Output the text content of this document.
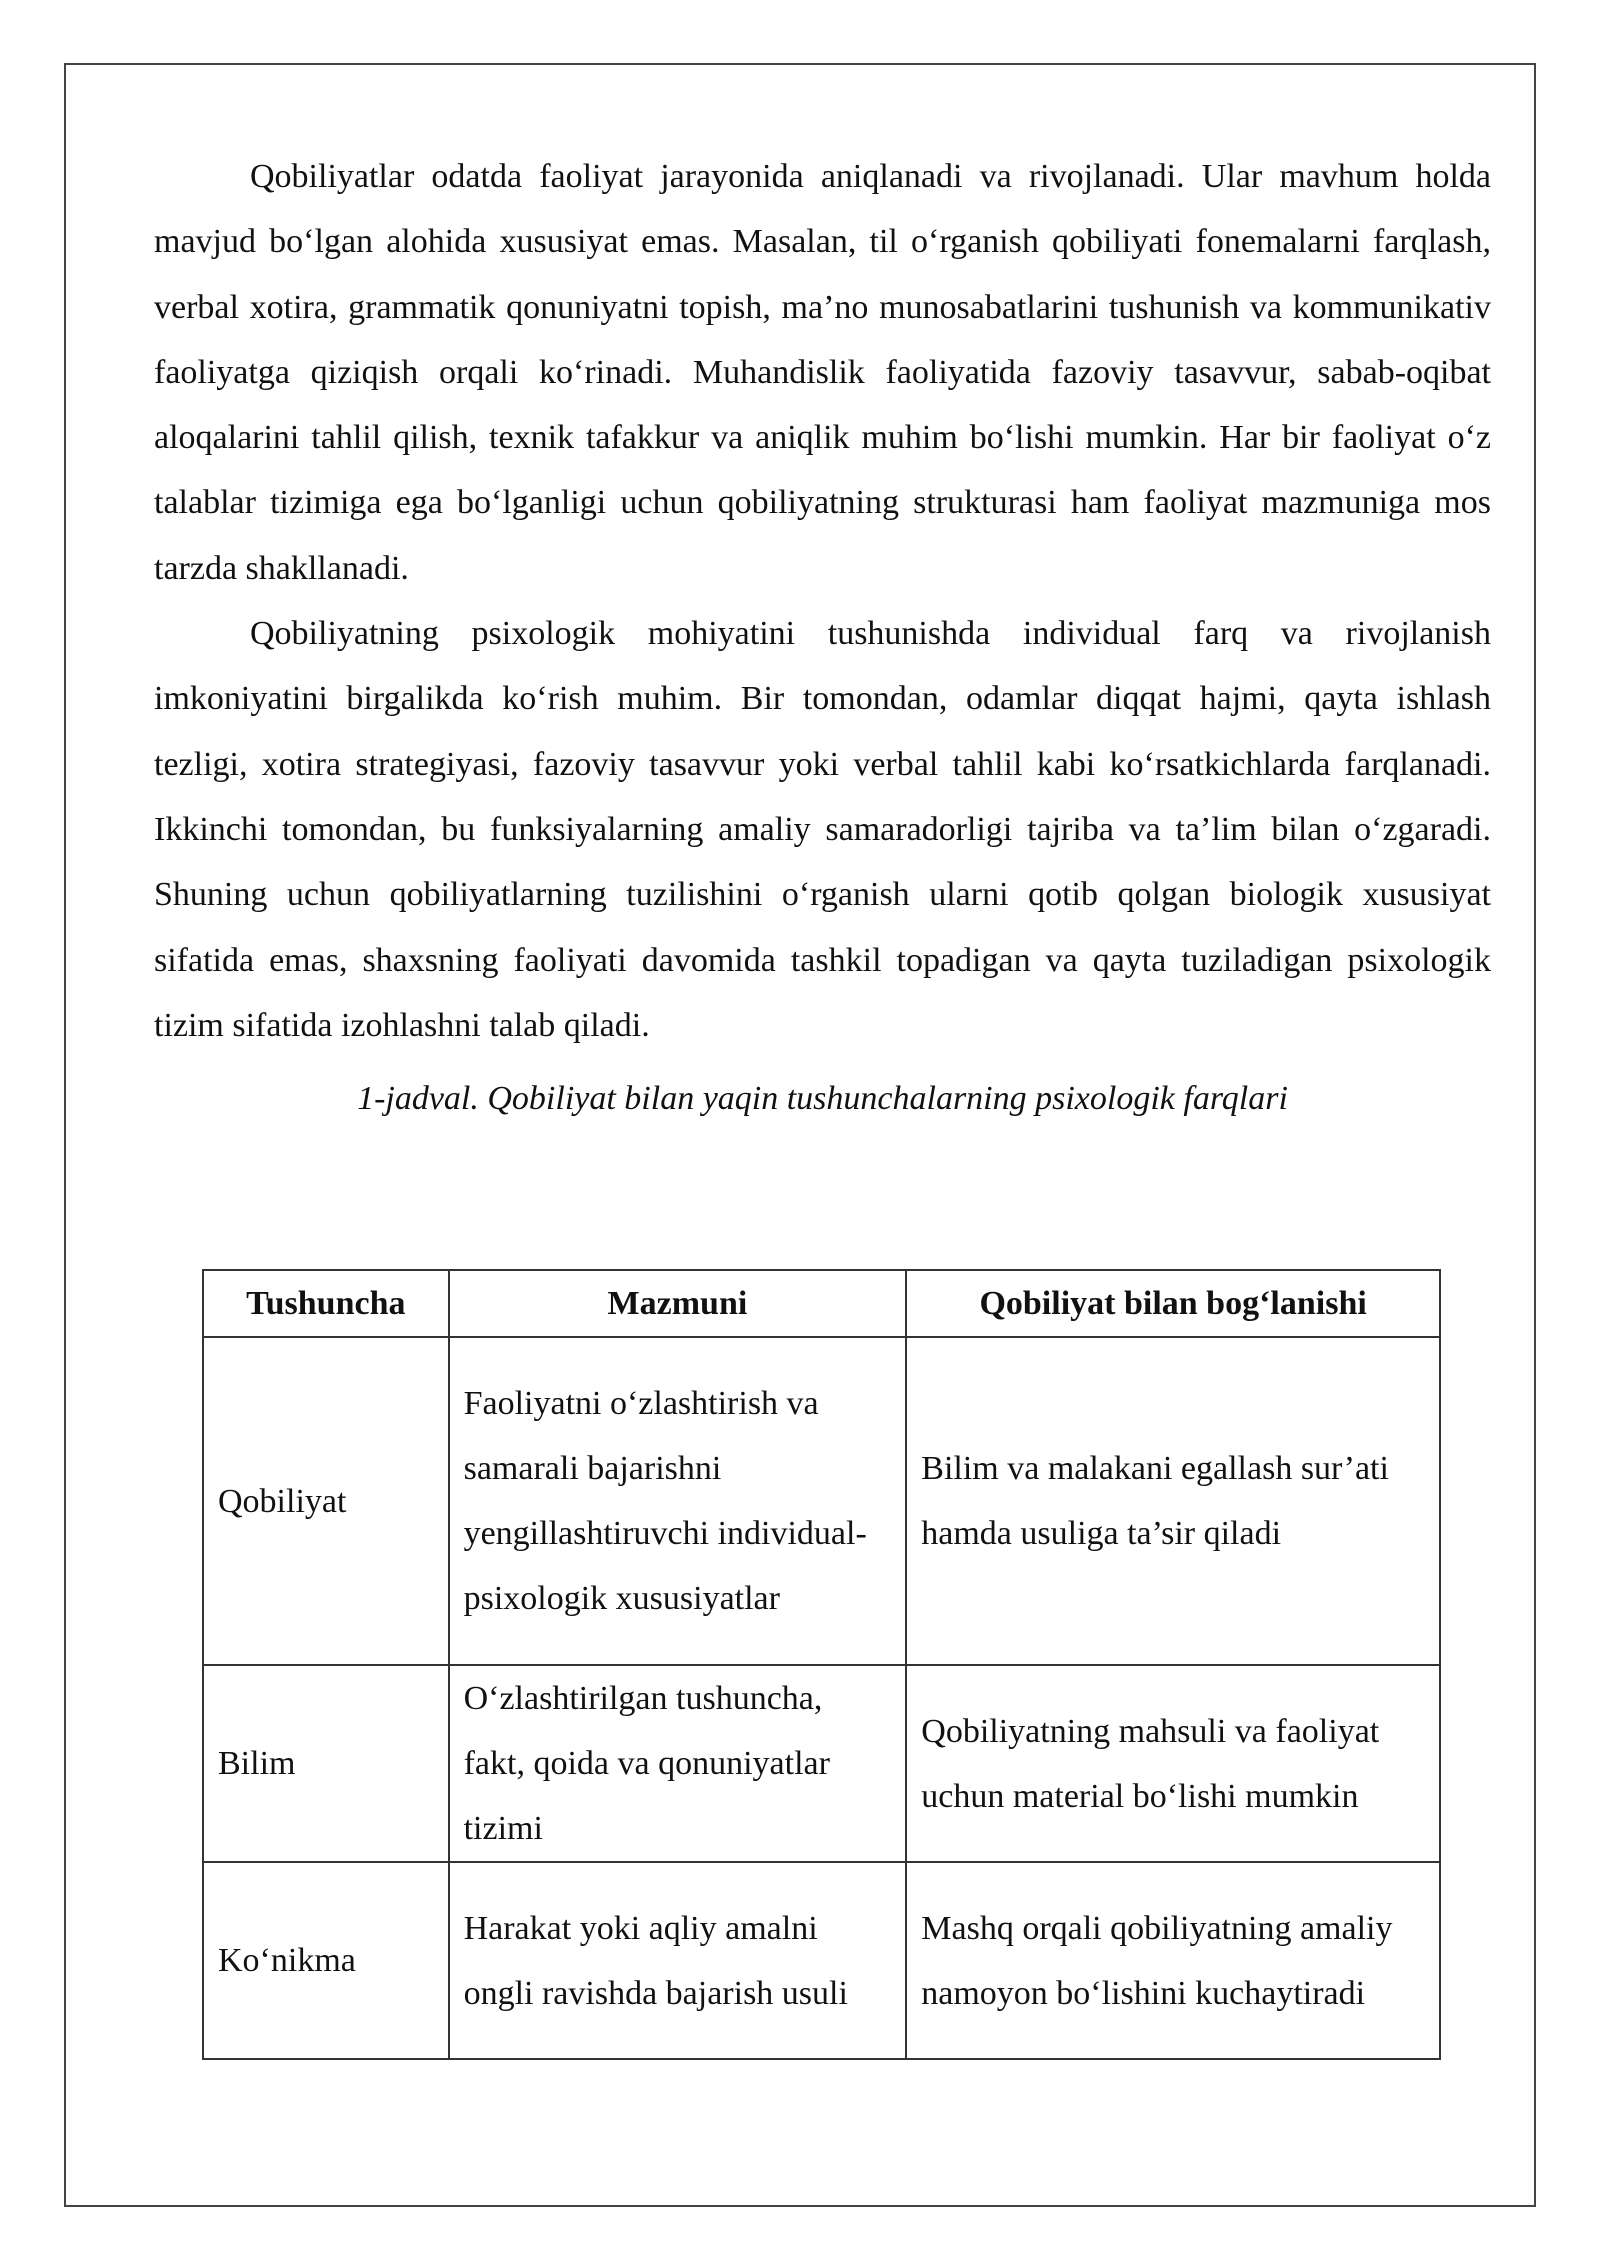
Qobiliyatlar odatda faoliyat jarayonida aniqlanadi va rivojlanadi. Ular mavhum holda mavjud bo‘lgan alohida xususiyat emas. Masalan, til o‘rganish qobiliyati fonemalarni farqlash, verbal xotira, grammatik qonuniyatni topish, ma’no munosabatlarini tushunish va kommunikativ faoliyatga qiziqish orqali ko‘rinadi. Muhandislik faoliyatida fazoviy tasavvur, sabab-oqibat aloqalarini tahlil qilish, texnik tafakkur va aniqlik muhim bo‘lishi mumkin. Har bir faoliyat o‘z talablar tizimiga ega bo‘lganligi uchun qobiliyatning strukturasi ham faoliyat mazmuniga mos tarzda shakllanadi.

Qobiliyatning psixologik mohiyatini tushunishda individual farq va rivojlanish imkoniyatini birgalikda ko‘rish muhim. Bir tomondan, odamlar diqqat hajmi, qayta ishlash tezligi, xotira strategiyasi, fazoviy tasavvur yoki verbal tahlil kabi ko‘rsatkichlarda farqlanadi. Ikkinchi tomondan, bu funksiyalarning amaliy samaradorligi tajriba va ta’lim bilan o‘zgaradi. Shuning uchun qobiliyatlarning tuzilishini o‘rganish ularni qotib qolgan biologik xususiyat sifatida emas, shaxsning faoliyati davomida tashkil topadigan va qayta tuziladigan psixologik tizim sifatida izohlashni talab qiladi.

1-jadval. Qobiliyat bilan yaqin tushunchalarning psixologik farqlari

Tushuncha	Mazmuni	Qobiliyat bilan bog‘lanishi
Qobiliyat	Faoliyatni o‘zlashtirish va samarali bajarishni yengillashtiruvchi individual-psixologik xususiyatlar	Bilim va malakani egallash sur’ati hamda usuliga ta’sir qiladi
Bilim	O‘zlashtirilgan tushuncha, fakt, qoida va qonuniyatlar tizimi	Qobiliyatning mahsuli va faoliyat uchun material bo‘lishi mumkin
Ko‘nikma	Harakat yoki aqliy amalni ongli ravishda bajarish usuli	Mashq orqali qobiliyatning amaliy namoyon bo‘lishini kuchaytiradi
